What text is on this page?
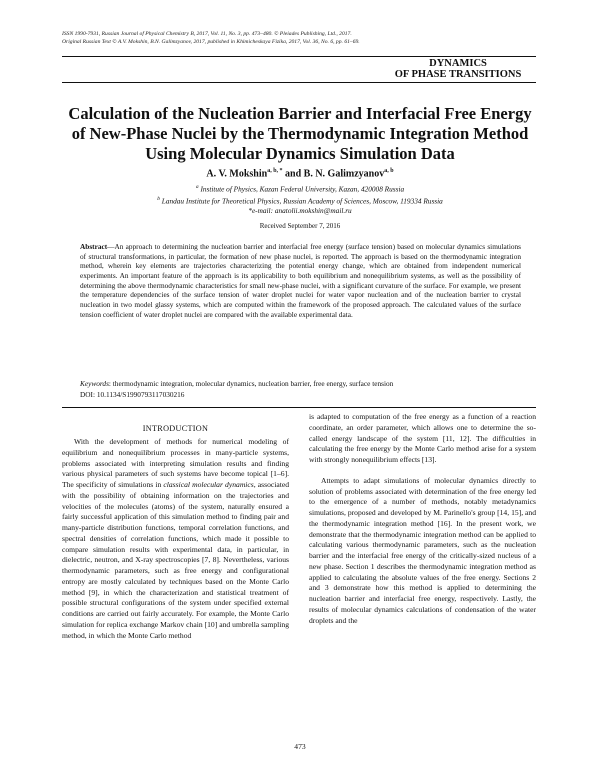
ISSN 1990-7931, Russian Journal of Physical Chemistry B, 2017, Vol. 11, No. 3, pp. 473–480. © Pleiades Publishing, Ltd., 2017.
Original Russian Text © A.V. Mokshin, B.N. Galimzyanov, 2017, published in Khimicheskaya Fizika, 2017, Vol. 36, No. 6, pp. 61–69.
DYNAMICS
OF PHASE TRANSITIONS
Calculation of the Nucleation Barrier and Interfacial Free Energy
of New-Phase Nuclei by the Thermodynamic Integration Method
Using Molecular Dynamics Simulation Data
A. V. Mokshin$^{a, b, *}$ and B. N. Galimzyanov$^{a, b}$
$^a$ Institute of Physics, Kazan Federal University, Kazan, 420008 Russia
$^b$ Landau Institute for Theoretical Physics, Russian Academy of Sciences, Moscow, 119334 Russia
*e-mail: anatolii.mokshin@mail.ru
Received September 7, 2016
Abstract—An approach to determining the nucleation barrier and interfacial free energy (surface tension) based on molecular dynamics simulations of structural transformations, in particular, the formation of new phase nuclei, is reported. The approach is based on the thermodynamic integration method, wherein key elements are trajectories characterizing the potential energy change, which are obtained from independent numerical experiments. An important feature of the approach is its applicability to both equilibrium and nonequilibrium systems, as well as the possibility of determining the above thermodynamic characteristics for small new-phase nuclei, with a significant curvature of the surface. For example, we present the temperature dependencies of the surface tension of water droplet nuclei for water vapor nucleation and of the nucleation barrier to crystal nucleation in two model glassy systems, which are computed within the framework of the proposed approach. The calculated values of the surface tension coefficient of water droplet nuclei are compared with the available experimental data.
Keywords: thermodynamic integration, molecular dynamics, nucleation barrier, free energy, surface tension
DOI: 10.1134/S1990793117030216
INTRODUCTION

With the development of methods for numerical modeling of equilibrium and nonequilibrium processes in many-particle systems, problems associated with interpreting simulation results and finding various physical parameters of such systems have become topical [1–6]. The specificity of simulations in classical molecular dynamics, associated with the possibility of obtaining information on the trajectories and velocities of the molecules (atoms) of the system, naturally ensured a fairly successful application of this simulation method to finding pair and many-particle distribution functions, temporal correlation functions, and spectral densities of correlation functions, which made it possible to compare simulation results with experimental data, in particular, in dielectric, neutron, and X-ray spectroscopies [7, 8]. Nevertheless, various thermodynamic parameters, such as free energy and configurational entropy are mostly calculated by techniques based on the Monte Carlo method [9], in which the characterization and statistical treatment of possible structural configurations of the system under specified external conditions are carried out fairly accurately. For example, the Monte Carlo simulation for replica exchange Markov chain [10] and umbrella sampling method, in which the Monte Carlo method

is adapted to computation of the free energy as a function of a reaction coordinate, an order parameter, which allows one to determine the so-called energy landscape of the system [11, 12]. The difficulties in calculating the free energy by the Monte Carlo method arise for a system with strongly nonequilibrium effects [13].

Attempts to adapt simulations of molecular dynamics directly to solution of problems associated with determination of the free energy led to the emergence of a number of methods, notably metadynamics simulations, proposed and developed by M. Parinello's group [14, 15], and the thermodynamic integration method [16]. In the present work, we demonstrate that the thermodynamic integration method can be applied to calculating various thermodynamic parameters, such as the nucleation barrier and the interfacial free energy of the critically-sized nucleus of a new phase. Section 1 describes the thermodynamic integration method as applied to calculating the absolute values of the free energy. Sections 2 and 3 demonstrate how this method is applied to determining the nucleation barrier and interfacial free energy, respectively. Lastly, the results of molecular dynamics calculations of condensation of the water droplets and the

473
